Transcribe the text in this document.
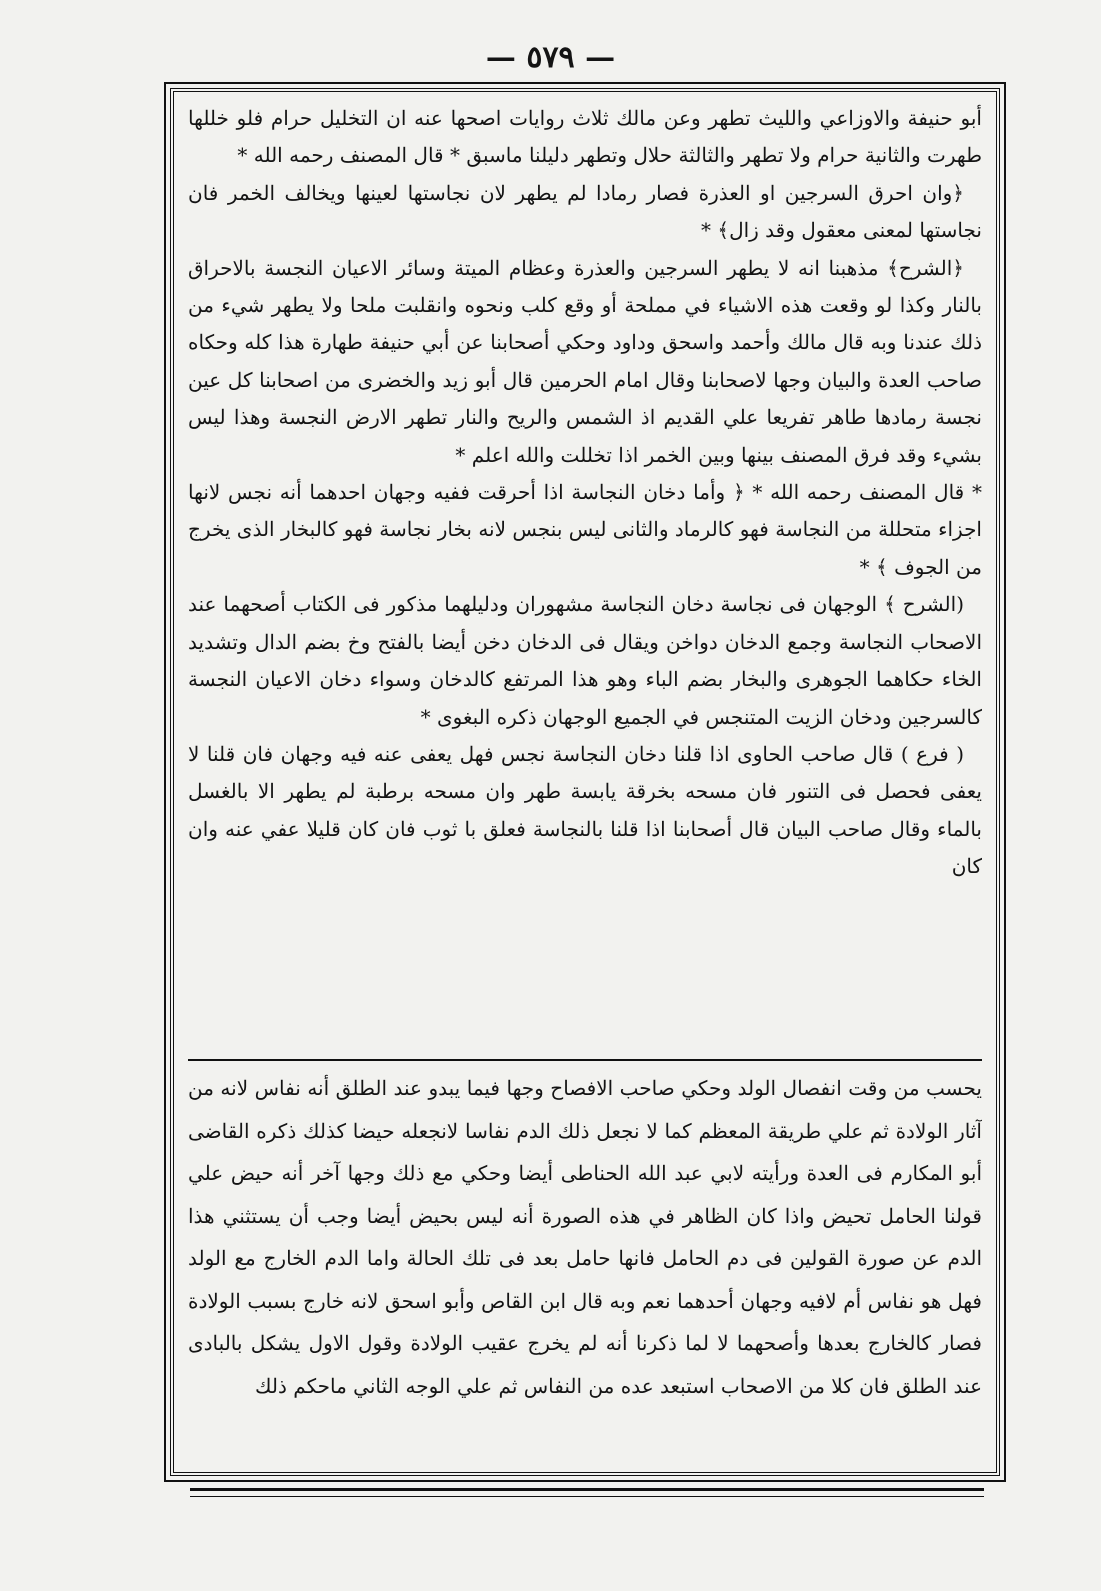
— ٥٧٩ —

أبو حنيفة والاوزاعي والليث تطهر وعن مالك ثلاث روايات اصحها عنه ان التخليل حرام فلو خللها طهرت والثانية حرام ولا تطهر والثالثة حلال وتطهر دليلنا ماسبق * قال المصنف رحمه الله *

﴿وان احرق السرجين او العذرة فصار رمادا لم يطهر لان نجاستها لعينها ويخالف الخمر فان نجاستها لمعنى معقول وقد زال﴾ *

﴿الشرح﴾ مذهبنا انه لا يطهر السرجين والعذرة وعظام الميتة وسائر الاعيان النجسة بالاحراق بالنار وكذا لو وقعت هذه الاشياء في مملحة أو وقع كلب ونحوه وانقلبت ملحا ولا يطهر شيء من ذلك عندنا وبه قال مالك وأحمد واسحق وداود وحكي أصحابنا عن أبي حنيفة طهارة هذا كله وحكاه صاحب العدة والبيان وجها لاصحابنا وقال امام الحرمين قال أبو زيد والخضرى من اصحابنا كل عين نجسة رمادها طاهر تفريعا علي القديم اذ الشمس والريح والنار تطهر الارض النجسة وهذا ليس بشيء وقد فرق المصنف بينها وبين الخمر اذا تخللت والله اعلم *

* قال المصنف رحمه الله * ﴿ وأما دخان النجاسة اذا أحرقت ففيه وجهان احدهما أنه نجس لانها اجزاء متحللة من النجاسة فهو كالرماد والثانى ليس بنجس لانه بخار نجاسة فهو كالبخار الذى يخرج من الجوف ﴾ *

(الشرح ﴾ الوجهان فى نجاسة دخان النجاسة مشهوران ودليلهما مذكور فى الكتاب أصحهما عند الاصحاب النجاسة وجمع الدخان دواخن ويقال فى الدخان دخن أيضا بالفتح وخ بضم الدال وتشديد الخاء حكاهما الجوهرى والبخار بضم الباء وهو هذا المرتفع كالدخان وسواء دخان الاعيان النجسة كالسرجين ودخان الزيت المتنجس في الجميع الوجهان ذكره البغوى *

( فرع ) قال صاحب الحاوى اذا قلنا دخان النجاسة نجس فهل يعفى عنه فيه وجهان فان قلنا لا يعفى فحصل فى التنور فان مسحه بخرقة يابسة طهر وان مسحه برطبة لم يطهر الا بالغسل بالماء وقال صاحب البيان قال أصحابنا اذا قلنا بالنجاسة فعلق با ثوب فان كان قليلا عفي عنه وان كان

يحسب من وقت انفصال الولد وحكي صاحب الافصاح وجها فيما يبدو عند الطلق أنه نفاس لانه من آثار الولادة ثم علي طريقة المعظم كما لا نجعل ذلك الدم نفاسا لانجعله حيضا كذلك ذكره القاضى أبو المكارم فى العدة ورأيته لابي عبد الله الحناطى أيضا وحكي مع ذلك وجها آخر أنه حيض علي قولنا الحامل تحيض واذا كان الظاهر في هذه الصورة أنه ليس بحيض أيضا وجب أن يستثني هذا الدم عن صورة القولين فى دم الحامل فانها حامل بعد فى تلك الحالة واما الدم الخارج مع الولد فهل هو نفاس أم لافيه وجهان أحدهما نعم وبه قال ابن القاص وأبو اسحق لانه خارج بسبب الولادة فصار كالخارج بعدها وأصحهما لا لما ذكرنا أنه لم يخرج عقيب الولادة وقول الاول يشكل بالبادى عند الطلق فان كلا من الاصحاب استبعد عده من النفاس ثم علي الوجه الثاني ماحكم ذلك
